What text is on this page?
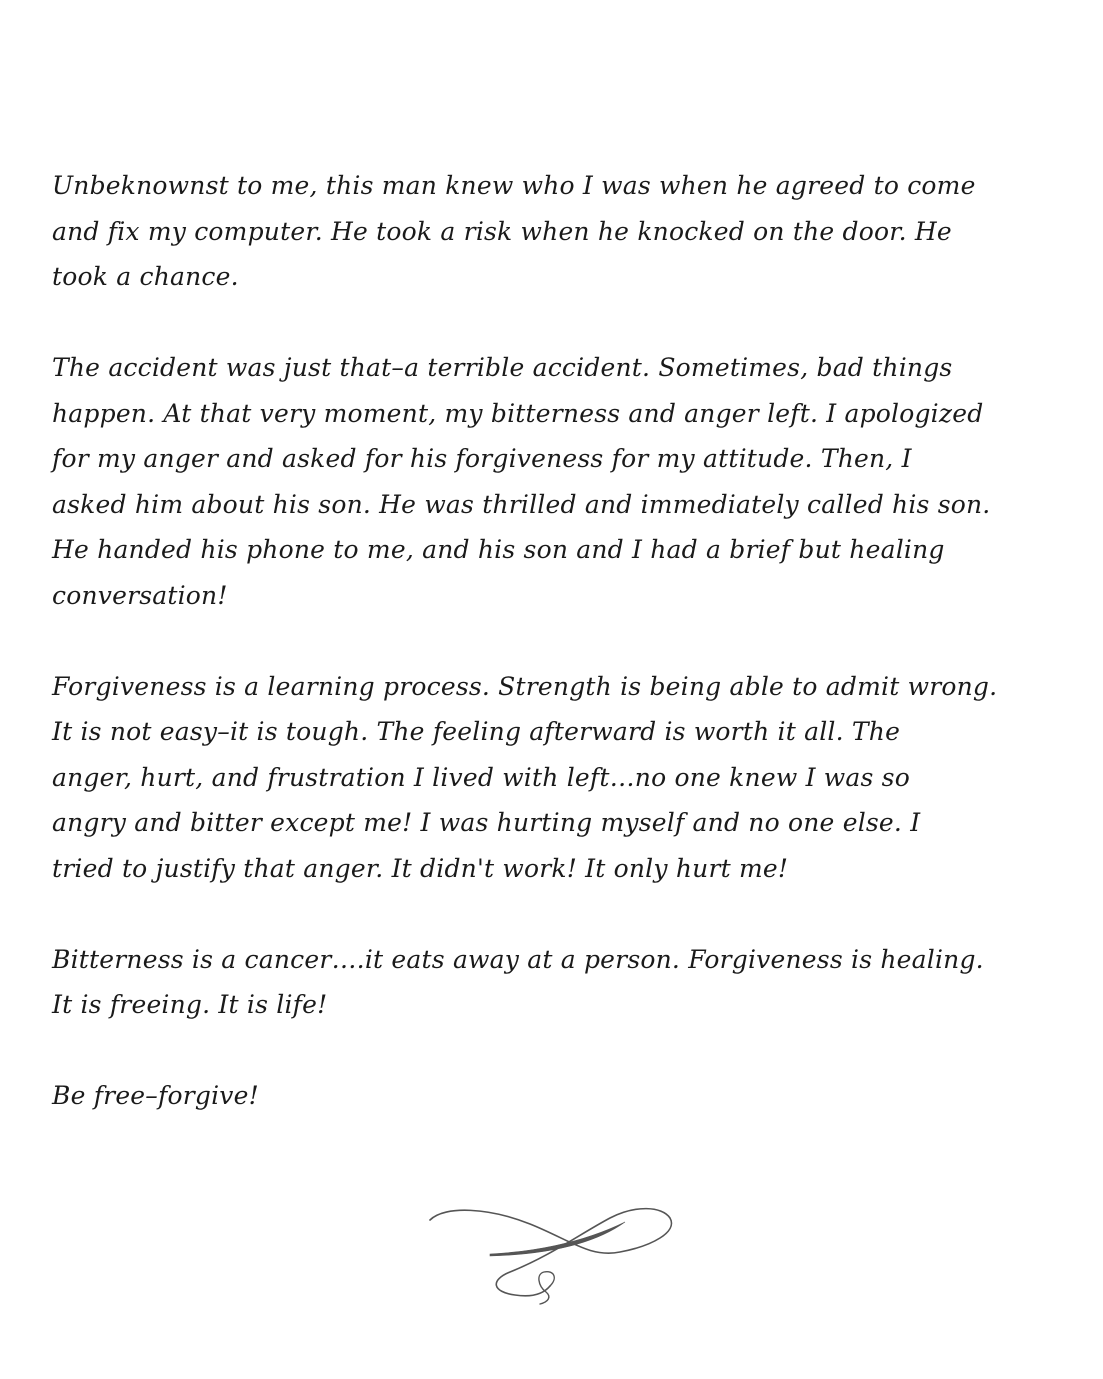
Unbeknownst to me, this man knew who I was when he agreed to come
and fix my computer. He took a risk when he knocked on the door. He
took a chance.

The accident was just that–a terrible accident. Sometimes, bad things
happen. At that very moment, my bitterness and anger left. I apologized
for my anger and asked for his forgiveness for my attitude. Then, I
asked him about his son. He was thrilled and immediately called his son.
He handed his phone to me, and his son and I had a brief but healing
conversation!

Forgiveness is a learning process. Strength is being able to admit wrong.
It is not easy–it is tough. The feeling afterward is worth it all. The
anger, hurt, and frustration I lived with left…no one knew I was so
angry and bitter except me! I was hurting myself and no one else. I
tried to justify that anger. It didn't work! It only hurt me!

Bitterness is a cancer….it eats away at a person. Forgiveness is healing.
It is freeing. It is life!

Be free–forgive!
